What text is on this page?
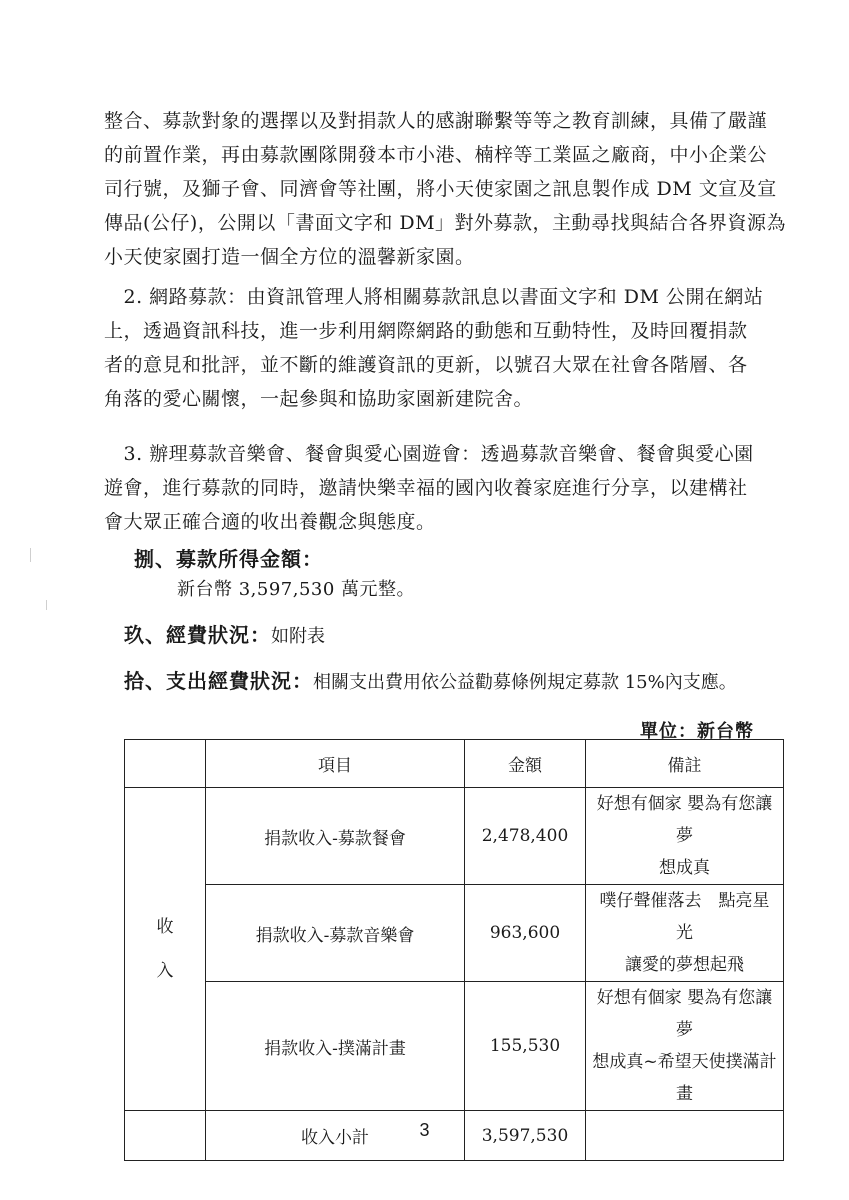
整合、募款對象的選擇以及對捐款人的感謝聯繫等等之教育訓練，具備了嚴謹
的前置作業，再由募款團隊開發本市小港、楠梓等工業區之廠商，中小企業公
司行號，及獅子會、同濟會等社團，將小天使家園之訊息製作成 DM 文宣及宣
傳品(公仔)，公開以「書面文字和 DM」對外募款，主動尋找與結合各界資源為
小天使家園打造一個全方位的溫馨新家園。
　2. 網路募款：由資訊管理人將相關募款訊息以書面文字和 DM 公開在網站
上，透過資訊科技，進一步利用網際網路的動態和互動特性，及時回覆捐款
者的意見和批評，並不斷的維護資訊的更新，以號召大眾在社會各階層、各
角落的愛心關懷，一起參與和協助家園新建院舍。
　3. 辦理募款音樂會、餐會與愛心園遊會：透過募款音樂會、餐會與愛心園
遊會，進行募款的同時，邀請快樂幸福的國內收養家庭進行分享，以建構社
會大眾正確合適的收出養觀念與態度。
捌、募款所得金額：
新台幣 3,597,530 萬元整。
玖、經費狀況：如附表
拾、支出經費狀況：相關支出費用依公益勸募條例規定募款 15%內支應。
單位：新台幣
	項目	金額	備註
收
入	捐款收入-募款餐會	2,478,400	好想有個家 嬰為有您讓夢
想成真
	捐款收入-募款音樂會	963,600	噗仔聲催落去　點亮星光
讓愛的夢想起飛
	捐款收入-撲滿計畫	155,530	好想有個家 嬰為有您讓夢
想成真~希望天使撲滿計畫
	收入小計	3,597,530	
3
